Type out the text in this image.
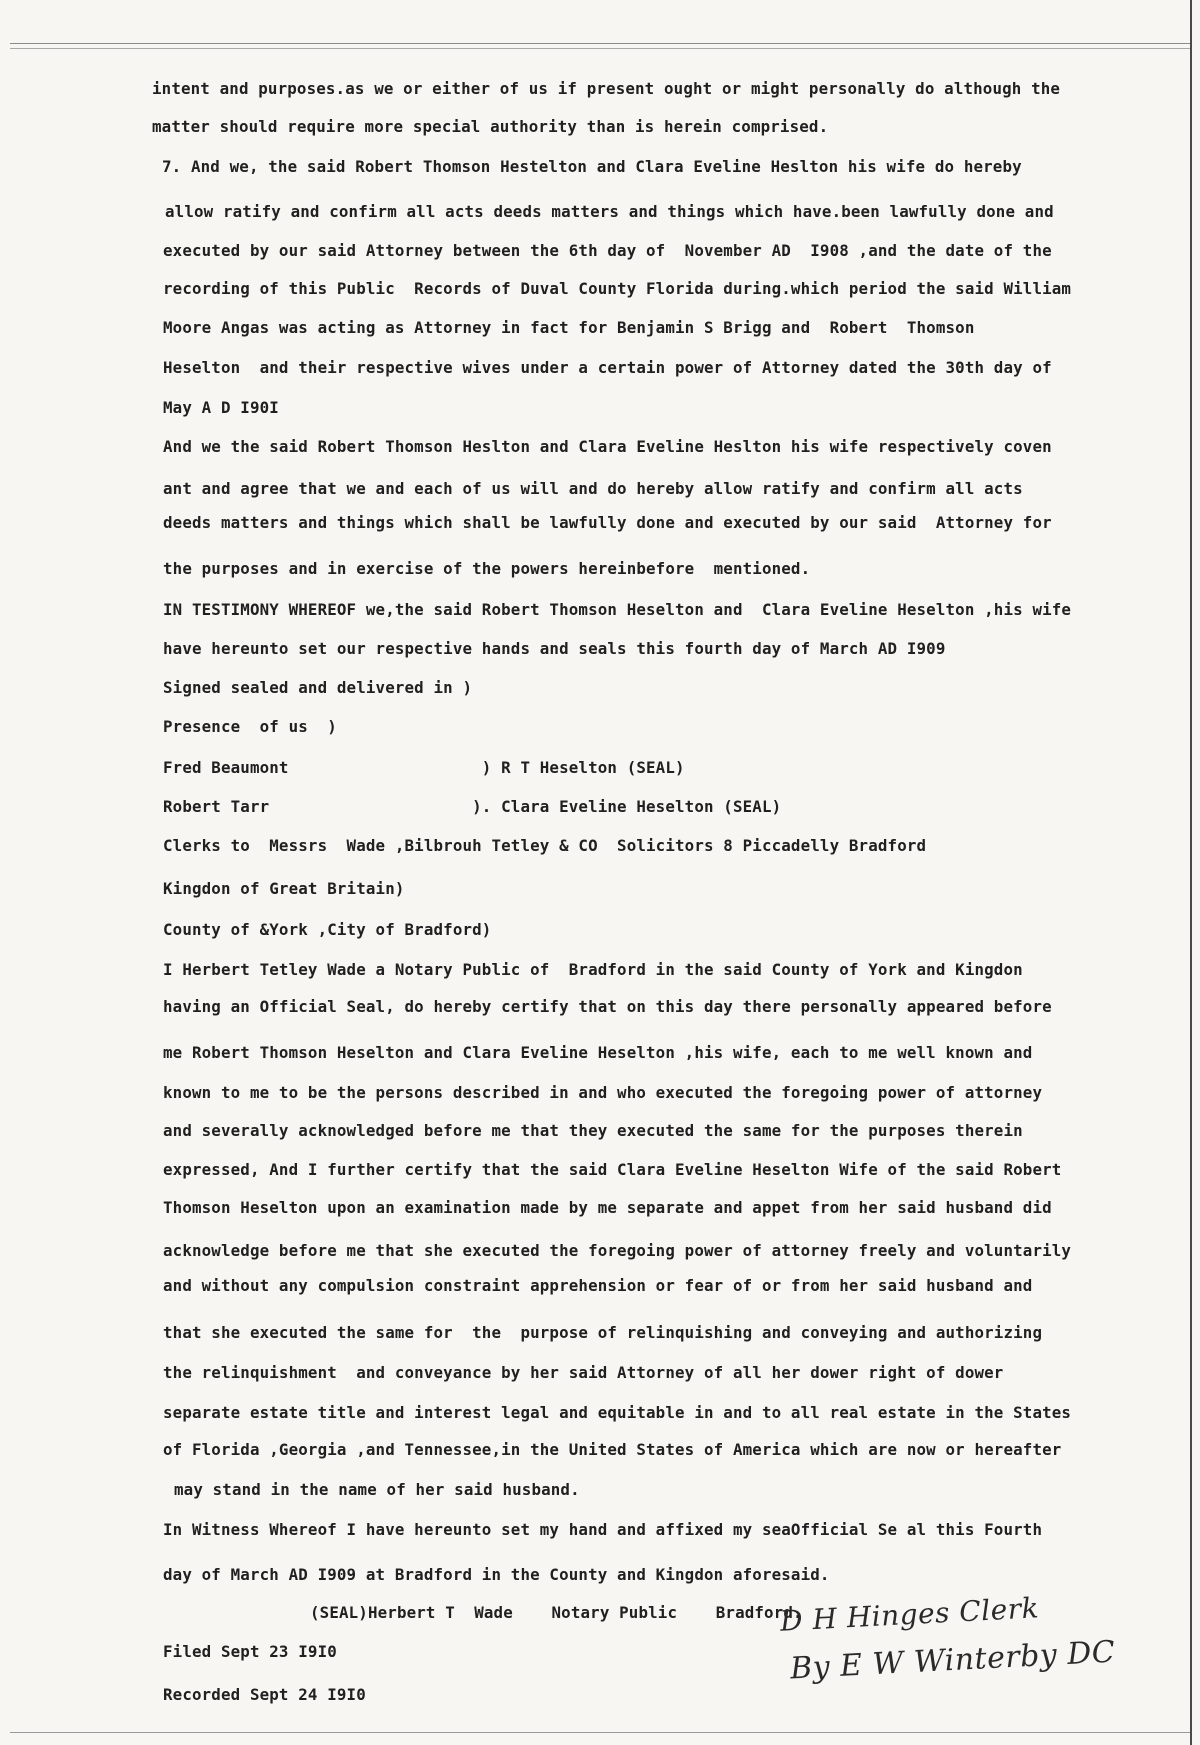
intent and purposes.as we or either of us if present ought or might personally do although the
matter should require more special authority than is herein comprised.
7. And we, the said Robert Thomson Hestelton and Clara Eveline Heslton his wife do hereby
allow ratify and confirm all acts deeds matters and things which have.been lawfully done and
executed by our said Attorney between the 6th day of  November AD  I908 ,and the date of the
recording of this Public  Records of Duval County Florida during.which period the said William
Moore Angas was acting as Attorney in fact for Benjamin S Brigg and  Robert  Thomson
Heselton  and their respective wives under a certain power of Attorney dated the 30th day of
May A D I90I
And we the said Robert Thomson Heslton and Clara Eveline Heslton his wife respectively coven
ant and agree that we and each of us will and do hereby allow ratify and confirm all acts
deeds matters and things which shall be lawfully done and executed by our said  Attorney for
the purposes and in exercise of the powers hereinbefore  mentioned.
IN TESTIMONY WHEREOF we,the said Robert Thomson Heselton and  Clara Eveline Heselton ,his wife
have hereunto set our respective hands and seals this fourth day of March AD I909
Signed sealed and delivered in )
Presence  of us  )
Fred Beaumont                    ) R T Heselton (SEAL)
Robert Tarr                     ). Clara Eveline Heselton (SEAL)
Clerks to  Messrs  Wade ,Bilbrouh Tetley & CO  Solicitors 8 Piccadelly Bradford
Kingdon of Great Britain)
County of &York ,City of Bradford)
I Herbert Tetley Wade a Notary Public of  Bradford in the said County of York and Kingdon
having an Official Seal, do hereby certify that on this day there personally appeared before
me Robert Thomson Heselton and Clara Eveline Heselton ,his wife, each to me well known and
known to me to be the persons described in and who executed the foregoing power of attorney
and severally acknowledged before me that they executed the same for the purposes therein
expressed, And I further certify that the said Clara Eveline Heselton Wife of the said Robert
Thomson Heselton upon an examination made by me separate and appet from her said husband did
acknowledge before me that she executed the foregoing power of attorney freely and voluntarily
and without any compulsion constraint apprehension or fear of or from her said husband and
that she executed the same for  the  purpose of relinquishing and conveying and authorizing
the relinquishment  and conveyance by her said Attorney of all her dower right of dower
separate estate title and interest legal and equitable in and to all real estate in the States
of Florida ,Georgia ,and Tennessee,in the United States of America which are now or hereafter
may stand in the name of her said husband.
In Witness Whereof I have hereunto set my hand and affixed my seaOfficial Se al this Fourth
day of March AD I909 at Bradford in the County and Kingdon aforesaid.
(SEAL)Herbert T  Wade    Notary Public    Bradford.
Filed Sept 23 I9I0
Recorded Sept 24 I9I0
D H Hinges Clerk
By E W Winterby DC
